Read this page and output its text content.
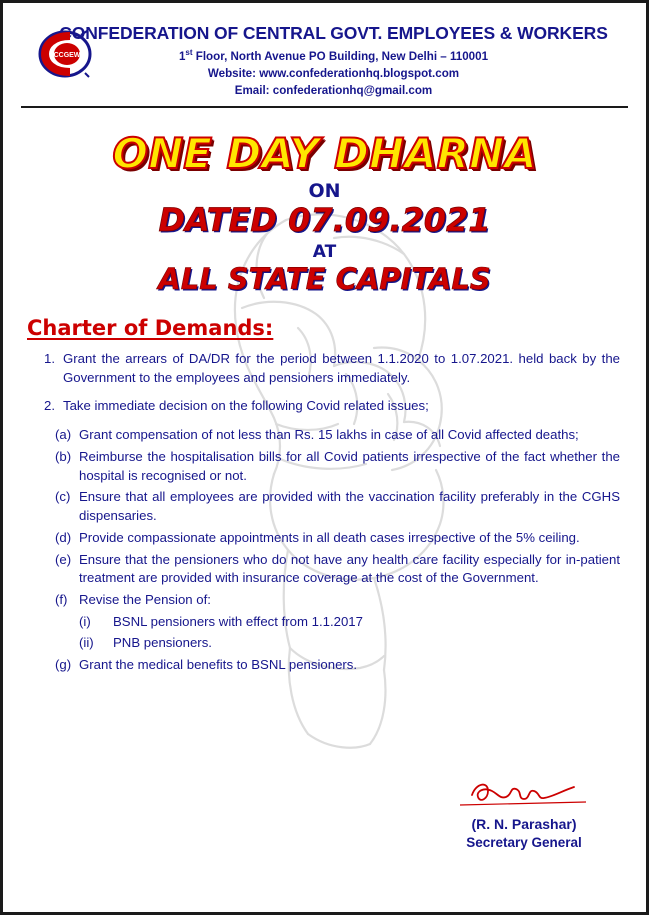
CCGEW
CONFEDERATION OF CENTRAL GOVT. EMPLOYEES & WORKERS
1st Floor, North Avenue PO Building, New Delhi – 110001
Website: www.confederationhq.blogspot.com
Email: confederationhq@gmail.com
ONE DAY DHARNA
ON
DATED 07.09.2021
AT
ALL STATE CAPITALS
Charter of Demands:
1. Grant the arrears of DA/DR for the period between 1.1.2020 to 1.07.2021. held back by the Government to the employees and pensioners immediately.
2. Take immediate decision on the following Covid related issues;
(a) Grant compensation of not less than Rs. 15 lakhs in case of all Covid affected deaths;
(b) Reimburse the hospitalisation bills for all Covid patients irrespective of the fact whether the hospital is recognised or not.
(c) Ensure that all employees are provided with the vaccination facility preferably in the CGHS dispensaries.
(d) Provide compassionate appointments in all death cases irrespective of the 5% ceiling.
(e) Ensure that the pensioners who do not have any health care facility especially for in-patient treatment are provided with insurance coverage at the cost of the Government.
(f) Revise the Pension of:
(i)	BSNL pensioners with effect from 1.1.2017
(ii)	PNB pensioners.
(g) Grant the medical benefits to BSNL pensioners.
(R. N. Parashar)
Secretary General
